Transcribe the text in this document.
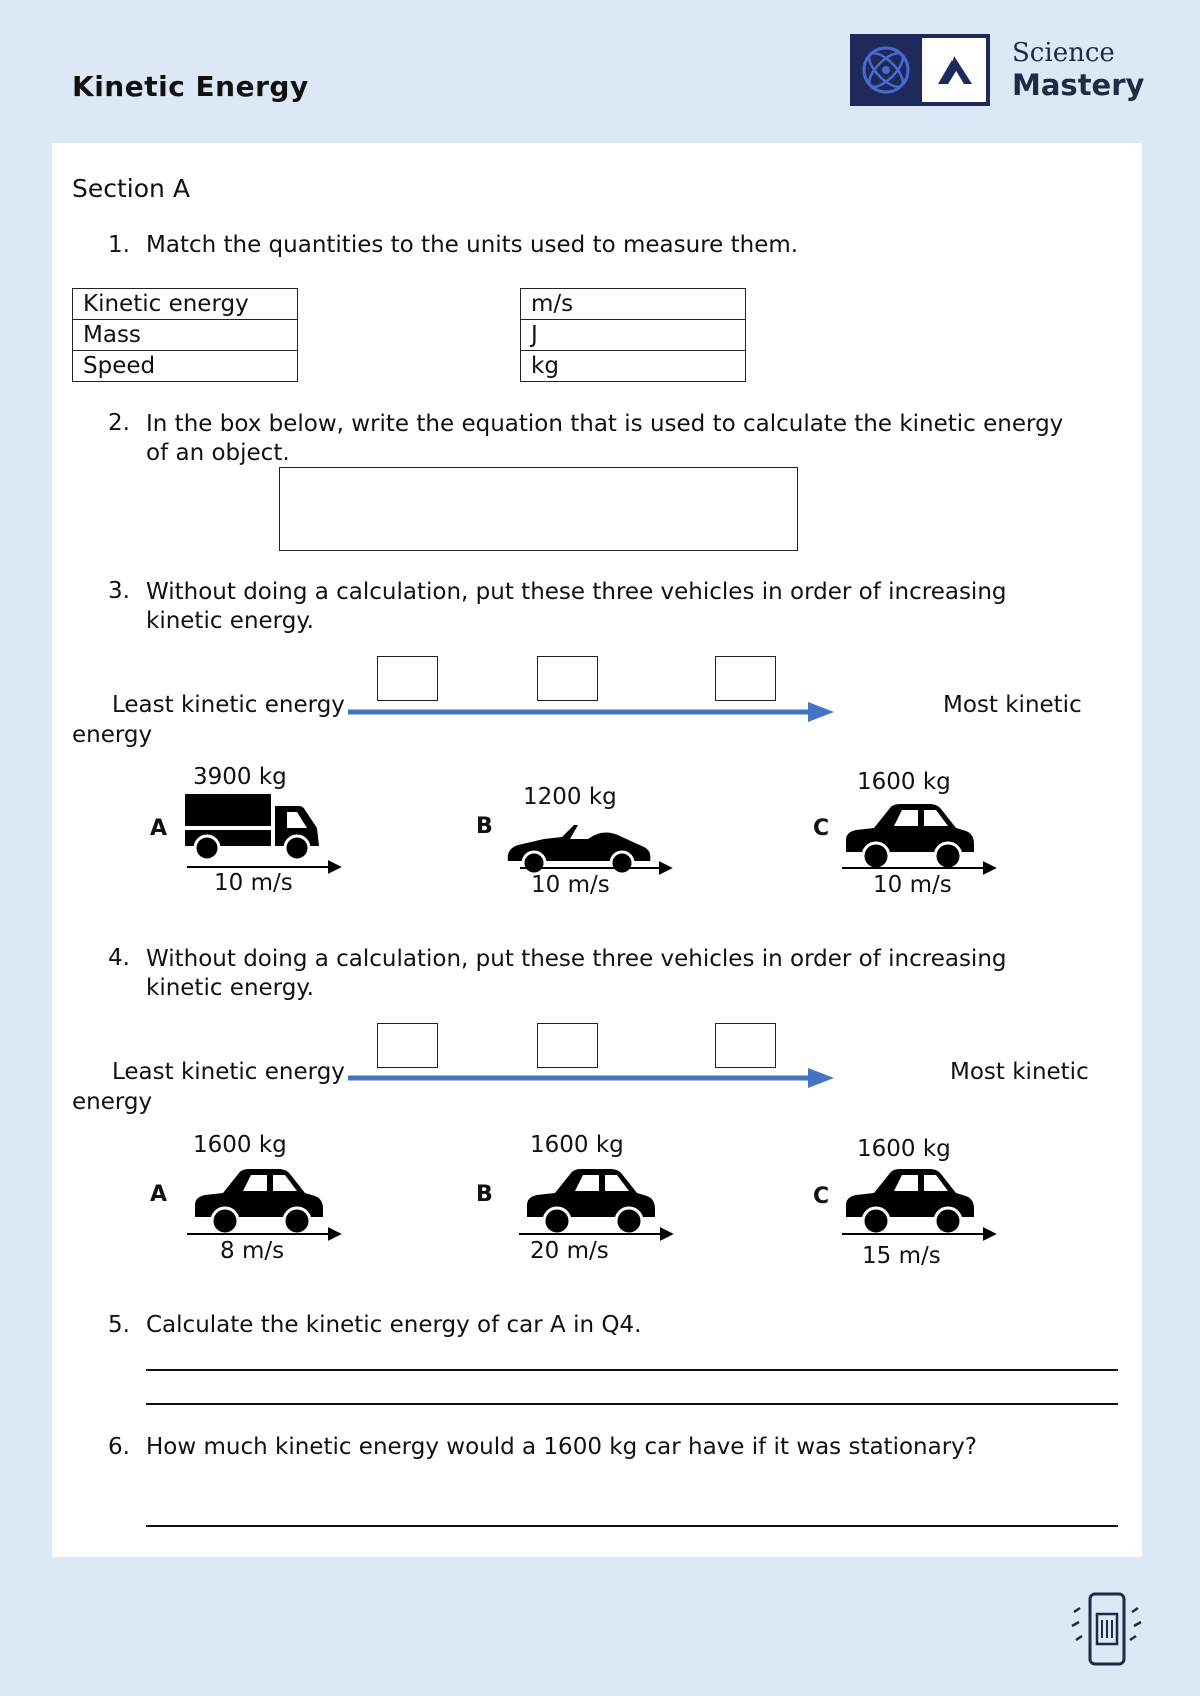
Kinetic Energy
Science
Mastery
Section A
1. Match the quantities to the units used to measure them.
Kinetic energy
Mass
Speed
m/s
J
kg
2. In the box below, write the equation that is used to calculate the kinetic energy
of an object.
3. Without doing a calculation, put these three vehicles in order of increasing
kinetic energy.
Least kinetic energy
energy
Most kinetic
3900 kg
A
10 m/s
1200 kg
B
10 m/s
1600 kg
C
10 m/s
4. Without doing a calculation, put these three vehicles in order of increasing
kinetic energy.
Least kinetic energy
energy
Most kinetic
1600 kg
A
8 m/s
1600 kg
B
20 m/s
1600 kg
C
15 m/s
5. Calculate the kinetic energy of car A in Q4.
6. How much kinetic energy would a 1600 kg car have if it was stationary?
